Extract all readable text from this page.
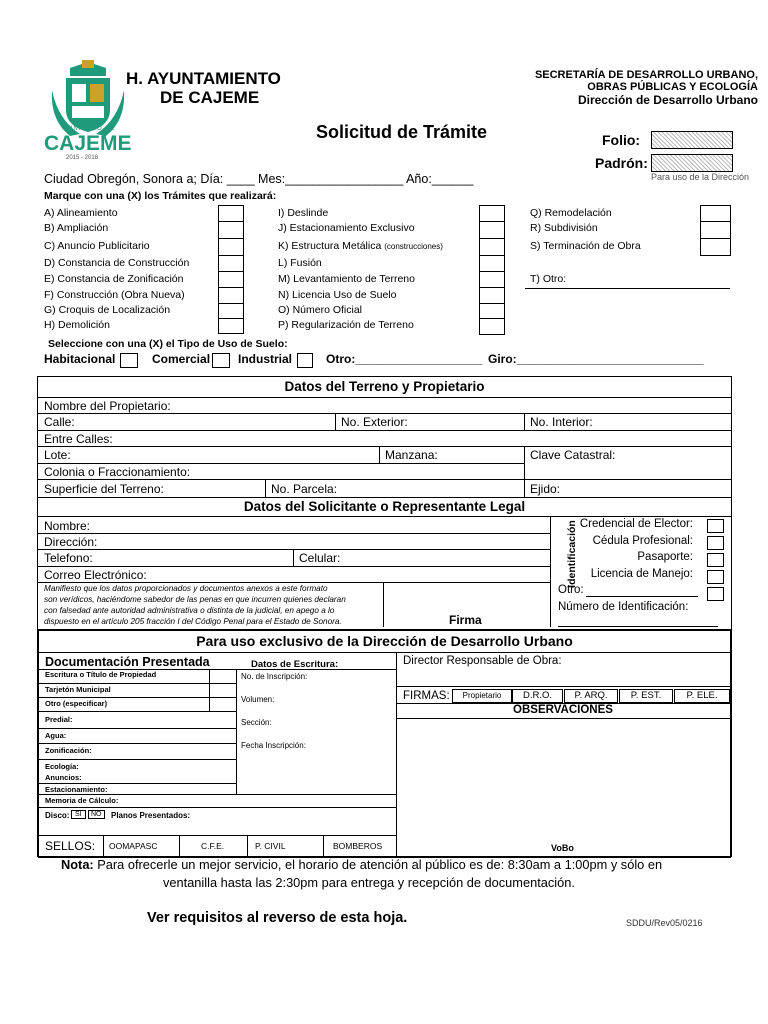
MUNICIPIO DE
CAJEME
2015 - 2018
H. AYUNTAMIENTO
DE CAJEME
SECRETARÍA DE DESARROLLO URBANO,
OBRAS PÚBLICAS Y ECOLOGÍA
Dirección de Desarrollo Urbano
Solicitud de Trámite	Folio:
Padrón:
Para uso de la Dirección
Ciudad Obregón, Sonora a; Día: ____ Mes:_________________ Año:______
Marque con una (X) los Trámites que realizará:
A) Alineamiento
B) Ampliación
C) Anuncio Publicitario
D) Constancia de Construcción
E) Constancia de Zonificación
F) Construcción (Obra Nueva)
G) Croquis de Localización
H) Demolición
I) Deslinde
J) Estacionamiento Exclusivo
K) Estructura Metálica (construcciones)
L) Fusión
M) Levantamiento de Terreno
N) Licencia Uso de Suelo
O) Número Oficial
P) Regularización de Terreno
Q) Remodelación
R) Subdivisión
S) Terminación de Obra
T) Otro:
Seleccione con una (X) el Tipo de Uso de Suelo:
Habitacional	Comercial Industrial	Otro:___________________ Giro:____________________________
Datos del Terreno y Propietario
Nombre del Propietario:
Calle:	No. Exterior:	No. Interior:
Entre Calles:
Lote:	Manzana:	Clave Catastral:
Colonia o Fraccionamiento:
Superficie del Terreno:	No. Parcela:	Ejido:
Datos del Solicitante o Representante Legal
Nombre:
Dirección:
Telefono:	Celular:
Correo Electrónico:
Manifiesto que los datos proporcionados y documentos anexos a este formato
son verídicos, haciéndome sabedor de las penas en que incurren quienes declaran
con falsedad ante autoridad administrativa o distinta de la judicial, en apego a lo
dispuesto en el artículo 205 fracción I del Código Penal para el Estado de Sonora.	Firma
Identificación Credencial de Elector:
Cédula Profesional:
Pasaporte:
Licencia de Manejo:
Otro:
Número de Identificación:
Para uso exclusivo de la Dirección de Desarrollo Urbano
Documentación Presentada	Datos de Escritura:
Escritura o Título de Propiedad
Tarjetón Municipal
Otro (especificar)
Predial:
Agua:
Zonificación:
Ecología:
Anuncios:
Estacionamiento:
Memoria de Cálculo:
No. de Inscripción:
Volumen:
Sección:
Fecha Inscripción:
Disco: SI	NO	Planos Presentados:
SELLOS: OOMAPASC	C.F.E.	P. CIVIL	BOMBEROS
Director Responsable de Obra:
FIRMAS:	Propietario	D.R.O.	P. ARQ.	P. EST.	P. ELE.
OBSERVACIONES
VoBo
Nota: Para ofrecerle un mejor servicio, el horario de atención al público es de: 8:30am a 1:00pm y sólo en
ventanilla hasta las 2:30pm para entrega y recepción de documentación.
Ver requisitos al reverso de esta hoja.	SDDU/Rev05/0216
